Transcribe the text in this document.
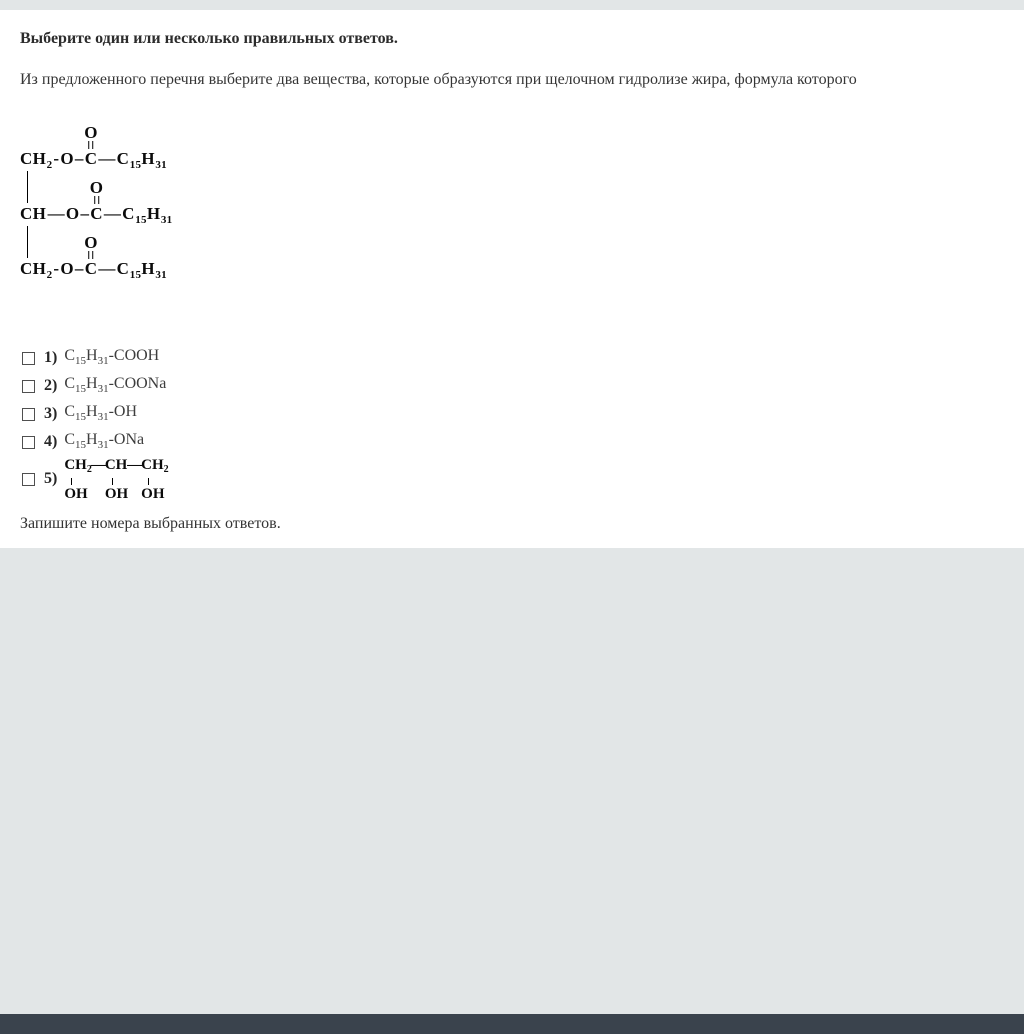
Выберите один или несколько правильных ответов.
Из предложенного перечня выберите два вещества, которые образуются при щелочном гидролизе жира, формула которого
$CH_2-O-C$
O
$—C_{15}H_{31}$
CH—O–C
O
$—C_{15}H_{31}$
$CH_2-O-C$
O
$—C_{15}H_{31}$
1) $C_{15}H_{31}$-COOH
2) $C_{15}H_{31}$-COONa
3) $C_{15}H_{31}-OH$
4) $C_{15}H_{31}$-ONa
5)
$CH_2$
OH
— CH
OH
— $CH_2$
OH
Запишите номера выбранных ответов.
